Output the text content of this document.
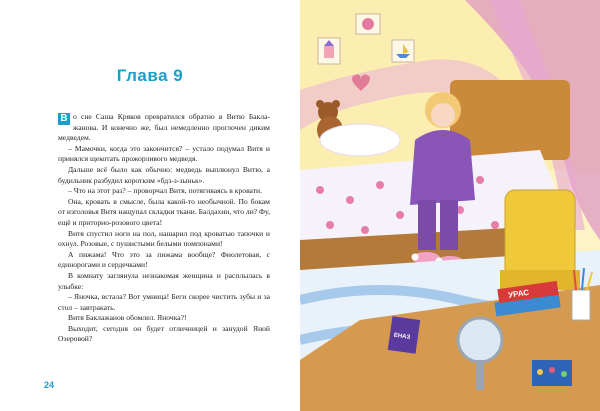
Глава 9

В о сне Саша Кряков превратился обратно в Витю Баклажанова. И конечно же, был немедленно проглочен диким медведем.

– Мамочки, когда это закончится? – устало подумал Витя и принялся щекотать прожорливого медведя.

Дальше всё было как обычно: медведь выплюнул Витю, а будильник разбудил коротким «бдз-з-зыньк».

– Что на этот раз? – проворчал Витя, потягиваясь в кровати.

Она, кровать в смысле, была какой-то необычной. По бокам от изголовья Витя нащупал складки ткани. Балдахин, что ли? Фу, ещё и приторно-розового цвета!

Витя спустил ноги на пол, нашарил под кроватью тапочки и охнул. Розовые, с пушистыми белыми помпонами!

А пижама! Что это за пижама вообще? Фиолетовая, с единорогами и сердечками!

В комнату заглянула незнакомая женщина и расплылась в улыбке:

– Яночка, встала? Вот умница! Беги скорее чистить зубы и за стол – завтракать.

Витя Баклажанов обомлел. Яночка?!

Выходит, сегодня он будет отличницей и занудой Яной Озеровой?

24
УРАС
ЕНАЗ
